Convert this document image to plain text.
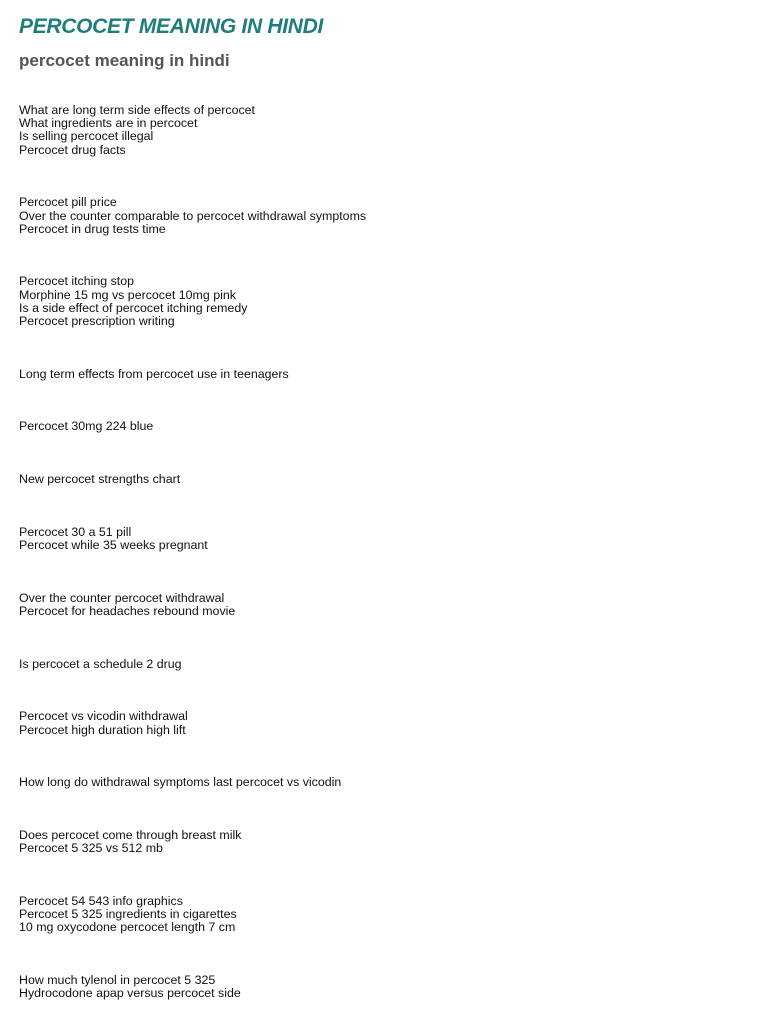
PERCOCET MEANING IN HINDI
percocet meaning in hindi
What are long term side effects of percocet
What ingredients are in percocet
Is selling percocet illegal
Percocet drug facts
Percocet pill price
Over the counter comparable to percocet withdrawal symptoms
Percocet in drug tests time
Percocet itching stop
Morphine 15 mg vs percocet 10mg pink
Is a side effect of percocet itching remedy
Percocet prescription writing
Long term effects from percocet use in teenagers
Percocet 30mg 224 blue
New percocet strengths chart
Percocet 30 a 51 pill
Percocet while 35 weeks pregnant
Over the counter percocet withdrawal
Percocet for headaches rebound movie
Is percocet a schedule 2 drug
Percocet vs vicodin withdrawal
Percocet high duration high lift
How long do withdrawal symptoms last percocet vs vicodin
Does percocet come through breast milk
Percocet 5 325 vs 512 mb
Percocet 54 543 info graphics
Percocet 5 325 ingredients in cigarettes
10 mg oxycodone percocet length 7 cm
How much tylenol in percocet 5 325
Hydrocodone apap versus percocet side
